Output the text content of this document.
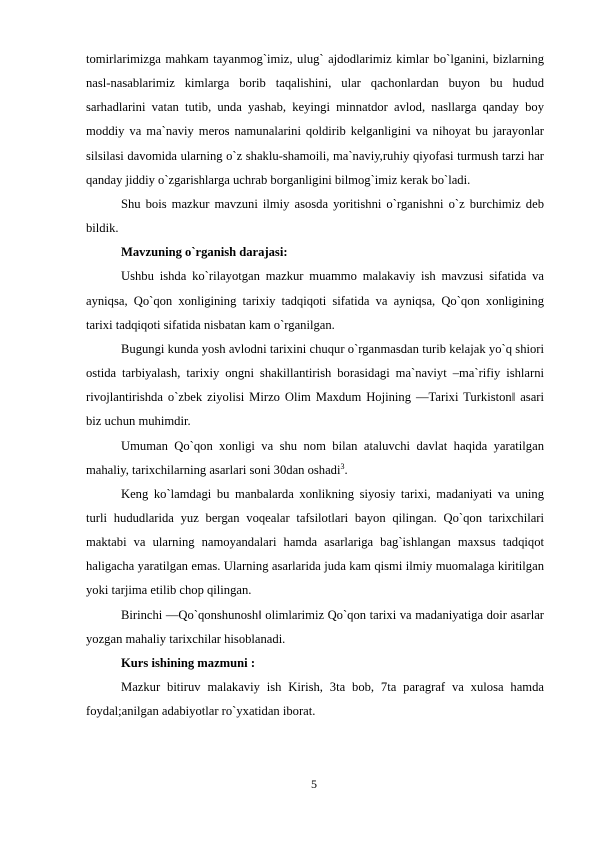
tomirlarimizga mahkam tayanmog`imiz, ulug` ajdodlarimiz kimlar bo`lganini, bizlarning nasl-nasablarimiz kimlarga borib taqalishini, ular qachonlardan buyon bu hudud sarhadlarini vatan tutib, unda yashab, keyingi minnatdor avlod, nasllarga qanday boy moddiy va ma`naviy meros namunalarini qoldirib kelganligini va nihoyat bu jarayonlar silsilasi davomida ularning o`z shaklu-shamoili, ma`naviy,ruhiy qiyofasi turmush tarzi har qanday jiddiy o`zgarishlarga uchrab borganligini bilmog`imiz kerak bo`ladi.

Shu bois mazkur mavzuni ilmiy asosda yoritishni o`rganishni o`z burchimiz deb bildik.

Mavzuning o`rganish darajasi:

Ushbu ishda ko`rilayotgan mazkur muammo malakaviy ish mavzusi sifatida va ayniqsa, Qo`qon xonligining tarixiy tadqiqoti sifatida va ayniqsa, Qo`qon xonligining tarixi tadqiqoti sifatida nisbatan kam o`rganilgan.

Bugungi kunda yosh avlodni tarixini chuqur o`rganmasdan turib kelajak yo`q shiori ostida tarbiyalash, tarixiy ongni shakillantirish borasidagi ma`naviyt –ma`rifiy ishlarni rivojlantirishda o`zbek ziyolisi Mirzo Olim Maxdum Hojining ―Tarixi Turkiston‖ asari biz uchun muhimdir.

Umuman Qo`qon xonligi va shu nom bilan ataluvchi davlat haqida yaratilgan mahaliy, tarixchilarning asarlari soni 30dan oshadi$^3$.

Keng ko`lamdagi bu manbalarda xonlikning siyosiy tarixi, madaniyati va uning turli hududlarida yuz bergan voqealar tafsilotlari bayon qilingan. Qo`qon tarixchilari maktabi va ularning namoyandalari hamda asarlariga bag`ishlangan maxsus tadqiqot haligacha yaratilgan emas. Ularning asarlarida juda kam qismi ilmiy muomalaga kiritilgan yoki tarjima etilib chop qilingan.

Birinchi ―Qo`qonshunosh‖ olimlarimiz Qo`qon tarixi va madaniyatiga doir asarlar yozgan mahaliy tarixchilar hisoblanadi.

Kurs ishining mazmuni :

Mazkur bitiruv malakaviy ish Kirish, 3ta bob, 7ta paragraf va xulosa hamda foydal;anilgan adabiyotlar ro`yxatidan iborat.

5
